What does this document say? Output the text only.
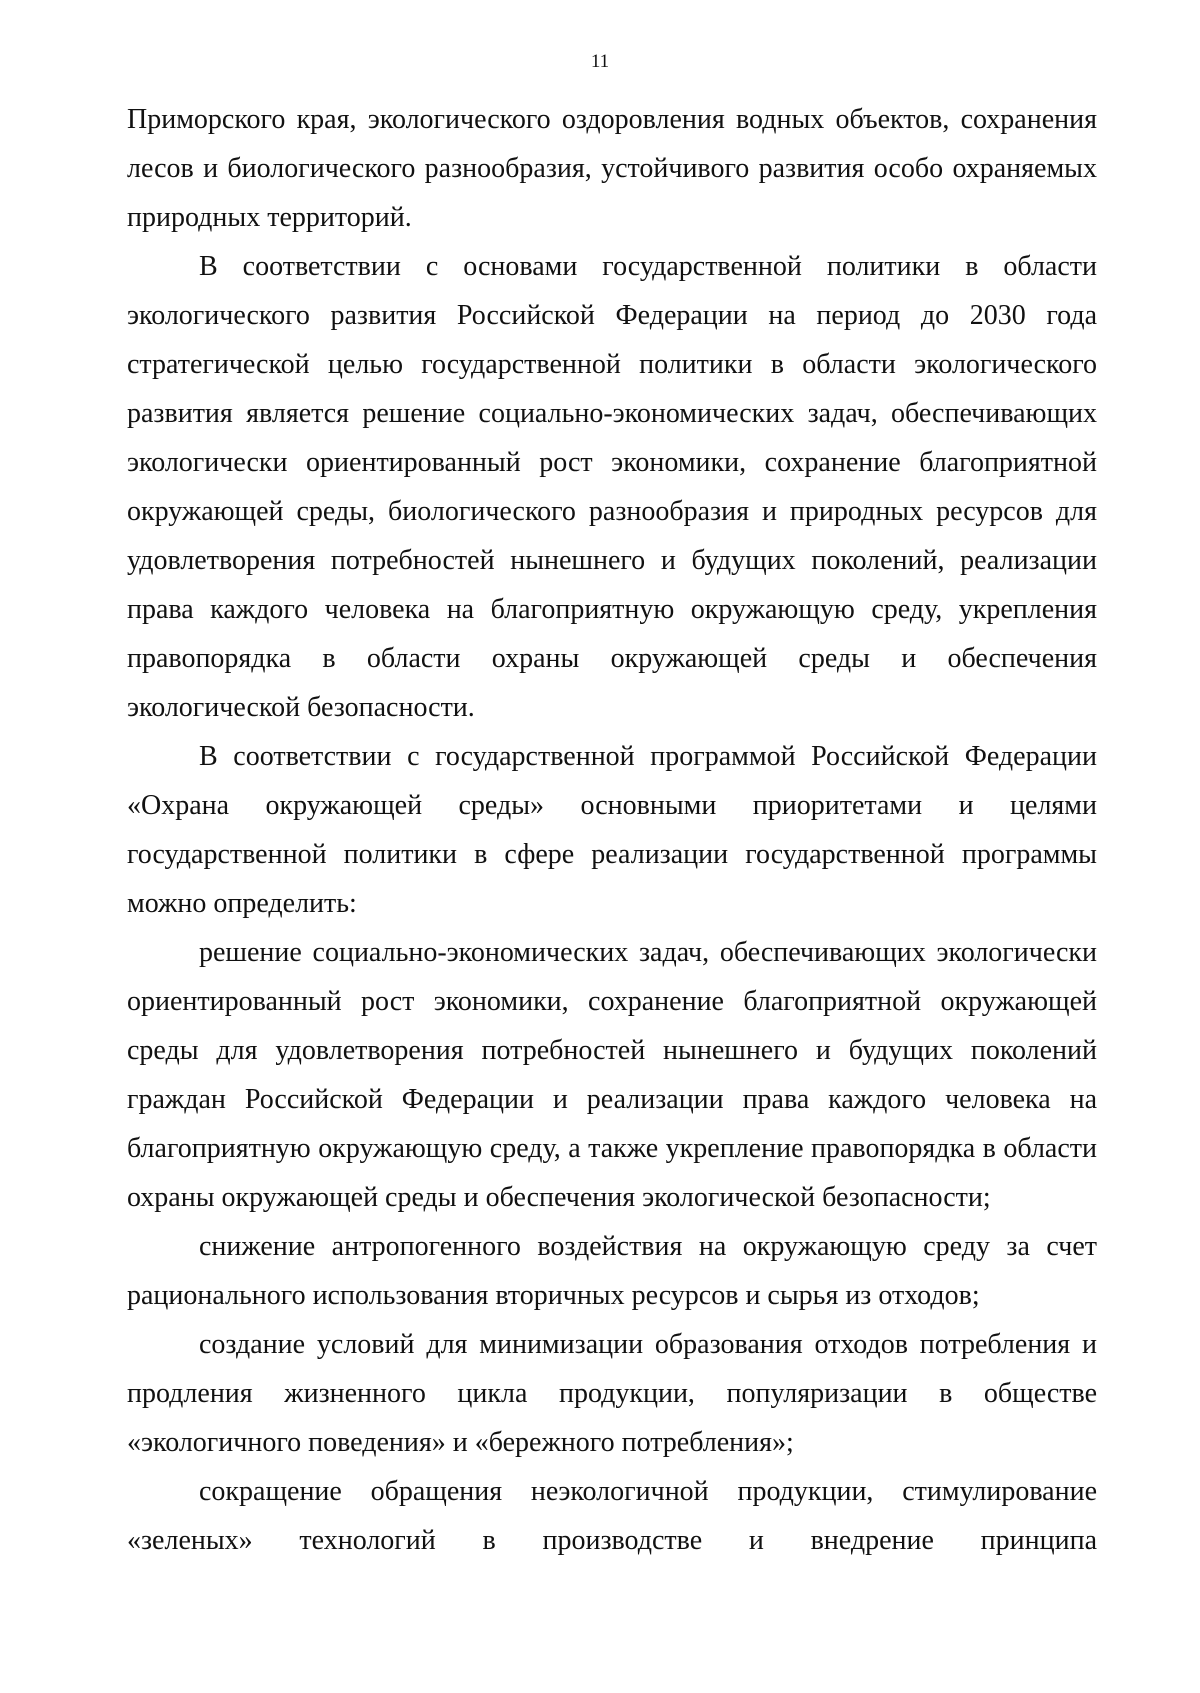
11

Приморского края, экологического оздоровления водных объектов, сохранения лесов и биологического разнообразия, устойчивого развития особо охраняемых природных территорий.

В соответствии с основами государственной политики в области экологического развития Российской Федерации на период до 2030 года стратегической целью государственной политики в области экологического развития является решение социально-экономических задач, обеспечивающих экологически ориентированный рост экономики, сохранение благоприятной окружающей среды, биологического разнообразия и природных ресурсов для удовлетворения потребностей нынешнего и будущих поколений, реализации права каждого человека на благоприятную окружающую среду, укрепления правопорядка в области охраны окружающей среды и обеспечения экологической безопасности.

В соответствии с государственной программой Российской Федерации «Охрана окружающей среды» основными приоритетами и целями государственной политики в сфере реализации государственной программы можно определить:

решение социально-экономических задач, обеспечивающих экологически ориентированный рост экономики, сохранение благоприятной окружающей среды для удовлетворения потребностей нынешнего и будущих поколений граждан Российской Федерации и реализации права каждого человека на благоприятную окружающую среду, а также укрепление правопорядка в области охраны окружающей среды и обеспечения экологической безопасности;

снижение антропогенного воздействия на окружающую среду за счет рационального использования вторичных ресурсов и сырья из отходов;

создание условий для минимизации образования отходов потребления и продления жизненного цикла продукции, популяризации в обществе «экологичного поведения» и «бережного потребления»;

сокращение обращения неэкологичной продукции, стимулирование «зеленых» технологий в производстве и внедрение принципа
